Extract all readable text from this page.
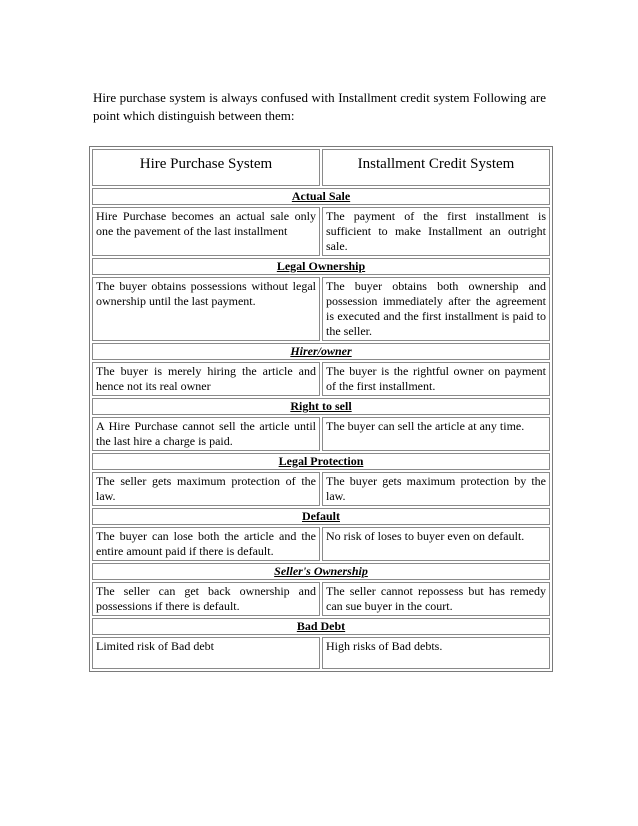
Hire purchase system is always confused with Installment credit system Following are point which distinguish between them:

Hire Purchase System	Installment Credit System
Actual Sale	
Hire Purchase becomes an actual sale only one the pavement of the last installment	The payment of the first installment is sufficient to make Installment an outright sale.
Legal Ownership	
The buyer obtains possessions without legal ownership until the last payment.	The buyer obtains both ownership and possession immediately after the agreement is executed and the first installment is paid to the seller.
Hirer/owner	
The buyer is merely hiring the article and hence not its real owner	The buyer is the rightful owner on payment of the first installment.
Right to sell	
A Hire Purchase cannot sell the article until the last hire a charge is paid.	The buyer can sell the article at any time.
Legal Protection	
The seller gets maximum protection of the law.	The buyer gets maximum protection by the law.
Default	
The buyer can lose both the article and the entire amount paid if there is default.	No risk of loses to buyer even on default.
Seller's Ownership	
The seller can get back ownership and possessions if there is default.	The seller cannot repossess but has remedy can sue buyer in the court.
Bad Debt	
Limited risk of Bad debt	High risks of Bad debts.
